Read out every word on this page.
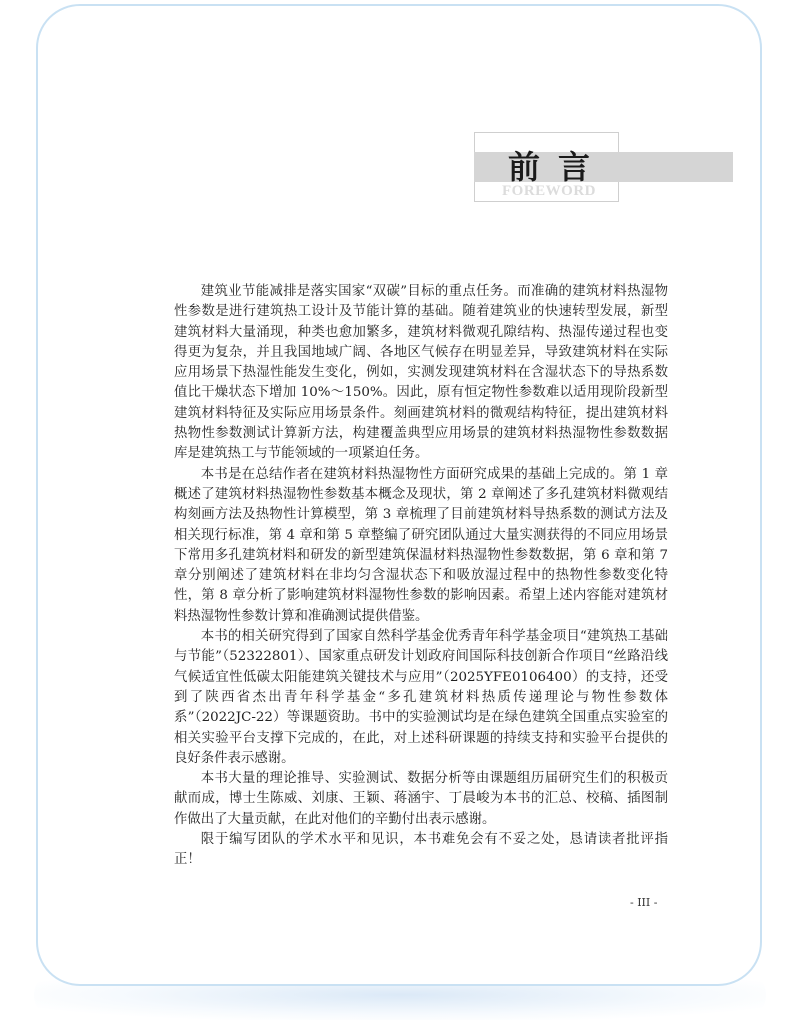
前言
FOREWORD

建筑业节能减排是落实国家“双碳”目标的重点任务。而准确的建筑材料热湿物性参数是进行建筑热工设计及节能计算的基础。随着建筑业的快速转型发展，新型建筑材料大量涌现，种类也愈加繁多，建筑材料微观孔隙结构、热湿传递过程也变得更为复杂，并且我国地域广阔、各地区气候存在明显差异，导致建筑材料在实际应用场景下热湿性能发生变化，例如，实测发现建筑材料在含湿状态下的导热系数值比干燥状态下增加 10%～150%。因此，原有恒定物性参数难以适用现阶段新型建筑材料特征及实际应用场景条件。刻画建筑材料的微观结构特征，提出建筑材料热物性参数测试计算新方法，构建覆盖典型应用场景的建筑材料热湿物性参数数据库是建筑热工与节能领域的一项紧迫任务。

本书是在总结作者在建筑材料热湿物性方面研究成果的基础上完成的。第 1 章概述了建筑材料热湿物性参数基本概念及现状，第 2 章阐述了多孔建筑材料微观结构刻画方法及热物性计算模型，第 3 章梳理了目前建筑材料导热系数的测试方法及相关现行标准，第 4 章和第 5 章整编了研究团队通过大量实测获得的不同应用场景下常用多孔建筑材料和研发的新型建筑保温材料热湿物性参数数据，第 6 章和第 7 章分别阐述了建筑材料在非均匀含湿状态下和吸放湿过程中的热物性参数变化特性，第 8 章分析了影响建筑材料湿物性参数的影响因素。希望上述内容能对建筑材料热湿物性参数计算和准确测试提供借鉴。

本书的相关研究得到了国家自然科学基金优秀青年科学基金项目“建筑热工基础与节能”（52322801）、国家重点研发计划政府间国际科技创新合作项目“丝路沿线气候适宜性低碳太阳能建筑关键技术与应用”（2025YFE0106400）的支持，还受到了陕西省杰出青年科学基金“多孔建筑材料热质传递理论与物性参数体系”（2022JC-22）等课题资助。书中的实验测试均是在绿色建筑全国重点实验室的相关实验平台支撑下完成的，在此，对上述科研课题的持续支持和实验平台提供的良好条件表示感谢。

本书大量的理论推导、实验测试、数据分析等由课题组历届研究生们的积极贡献而成，博士生陈威、刘康、王颖、蒋涵宇、丁晨峻为本书的汇总、校稿、插图制作做出了大量贡献，在此对他们的辛勤付出表示感谢。

限于编写团队的学术水平和见识，本书难免会有不妥之处，恳请读者批评指正！

- III -
